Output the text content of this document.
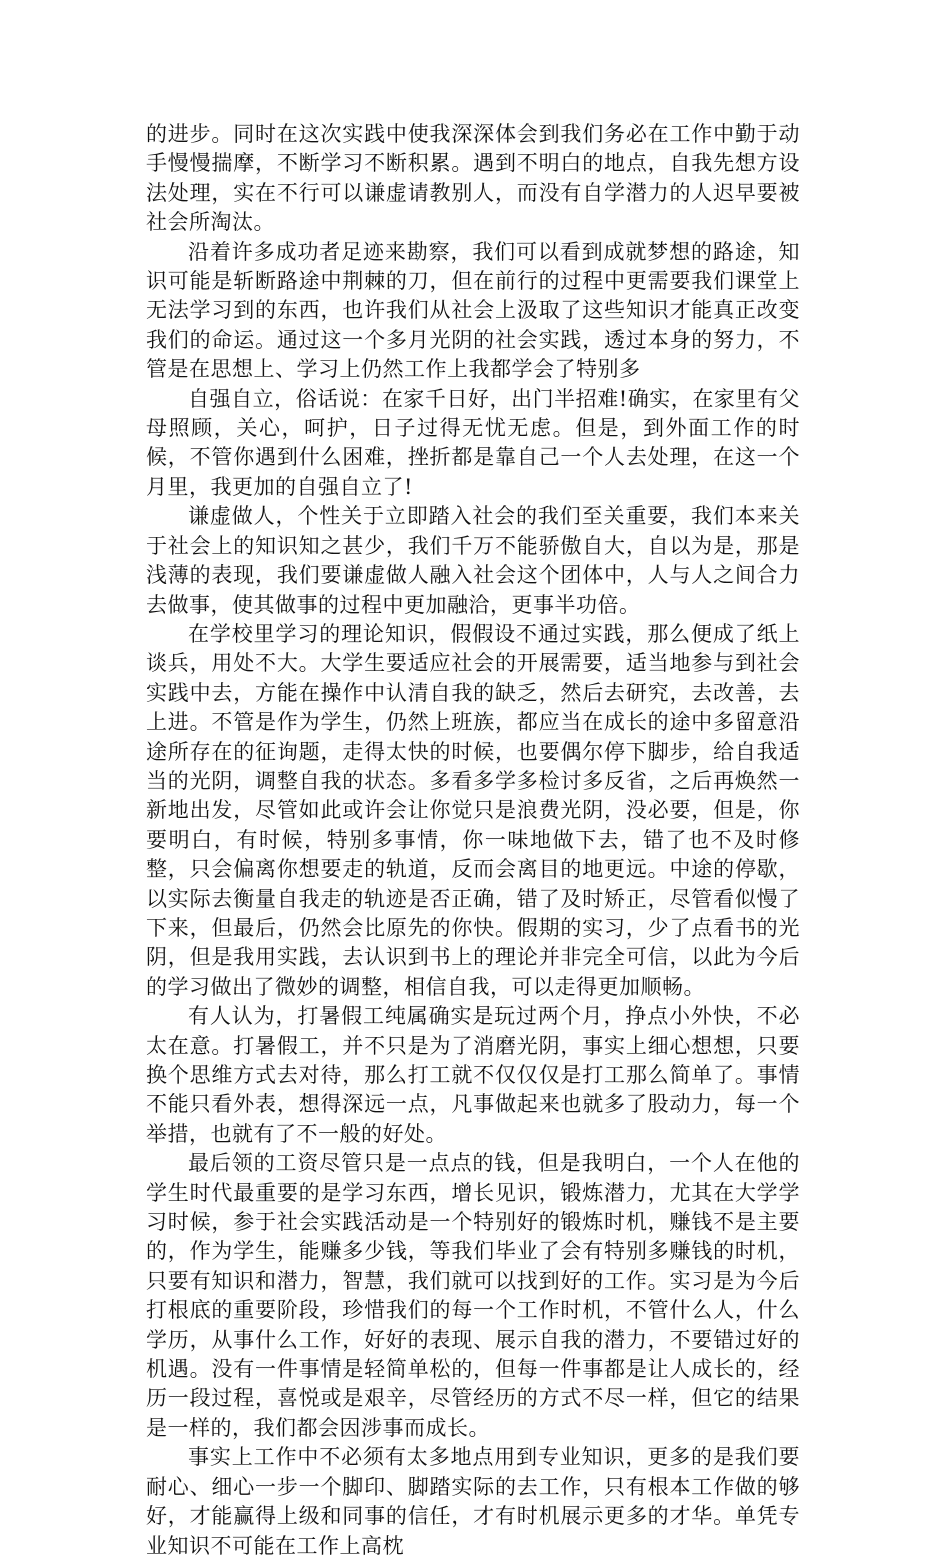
的进步。同时在这次实践中使我深深体会到我们务必在工作中勤于动手慢慢揣摩，不断学习不断积累。遇到不明白的地点，自我先想方设法处理，实在不行可以谦虚请教别人，而没有自学潜力的人迟早要被社会所淘汰。

沿着许多成功者足迹来勘察，我们可以看到成就梦想的路途，知识可能是斩断路途中荆棘的刀，但在前行的过程中更需要我们课堂上无法学习到的东西，也许我们从社会上汲取了这些知识才能真正改变我们的命运。通过这一个多月光阴的社会实践，透过本身的努力，不管是在思想上、学习上仍然工作上我都学会了特别多

自强自立，俗话说：在家千日好，出门半招难!确实，在家里有父母照顾，关心，呵护，日子过得无忧无虑。但是，到外面工作的时候，不管你遇到什么困难，挫折都是靠自己一个人去处理，在这一个月里，我更加的自强自立了!

谦虚做人，个性关于立即踏入社会的我们至关重要，我们本来关于社会上的知识知之甚少，我们千万不能骄傲自大，自以为是，那是浅薄的表现，我们要谦虚做人融入社会这个团体中，人与人之间合力去做事，使其做事的过程中更加融洽，更事半功倍。

在学校里学习的理论知识，假假设不通过实践，那么便成了纸上谈兵，用处不大。大学生要适应社会的开展需要，适当地参与到社会实践中去，方能在操作中认清自我的缺乏，然后去研究，去改善，去上进。不管是作为学生，仍然上班族，都应当在成长的途中多留意沿途所存在的征询题，走得太快的时候，也要偶尔停下脚步，给自我适当的光阴，调整自我的状态。多看多学多检讨多反省，之后再焕然一新地出发，尽管如此或许会让你觉只是浪费光阴，没必要，但是，你要明白，有时候，特别多事情，你一味地做下去，错了也不及时修整，只会偏离你想要走的轨道，反而会离目的地更远。中途的停歇，以实际去衡量自我走的轨迹是否正确，错了及时矫正，尽管看似慢了下来，但最后，仍然会比原先的你快。假期的实习，少了点看书的光阴，但是我用实践，去认识到书上的理论并非完全可信，以此为今后的学习做出了微妙的调整，相信自我，可以走得更加顺畅。

有人认为，打暑假工纯属确实是玩过两个月，挣点小外快，不必太在意。打暑假工，并不只是为了消磨光阴，事实上细心想想，只要换个思维方式去对待，那么打工就不仅仅仅是打工那么简单了。事情不能只看外表，想得深远一点，凡事做起来也就多了股动力，每一个举措，也就有了不一般的好处。

最后领的工资尽管只是一点点的钱，但是我明白，一个人在他的学生时代最重要的是学习东西，增长见识，锻炼潜力，尤其在大学学习时候，参于社会实践活动是一个特别好的锻炼时机，赚钱不是主要的，作为学生，能赚多少钱，等我们毕业了会有特别多赚钱的时机，只要有知识和潜力，智慧，我们就可以找到好的工作。实习是为今后打根底的重要阶段，珍惜我们的每一个工作时机，不管什么人，什么学历，从事什么工作，好好的表现、展示自我的潜力，不要错过好的机遇。没有一件事情是轻简单松的，但每一件事都是让人成长的，经历一段过程，喜悦或是艰辛，尽管经历的方式不尽一样，但它的结果是一样的，我们都会因涉事而成长。

事实上工作中不必须有太多地点用到专业知识，更多的是我们要耐心、细心一步一个脚印、脚踏实际的去工作，只有根本工作做的够好，才能赢得上级和同事的信任，才有时机展示更多的才华。单凭专业知识不可能在工作上高枕
